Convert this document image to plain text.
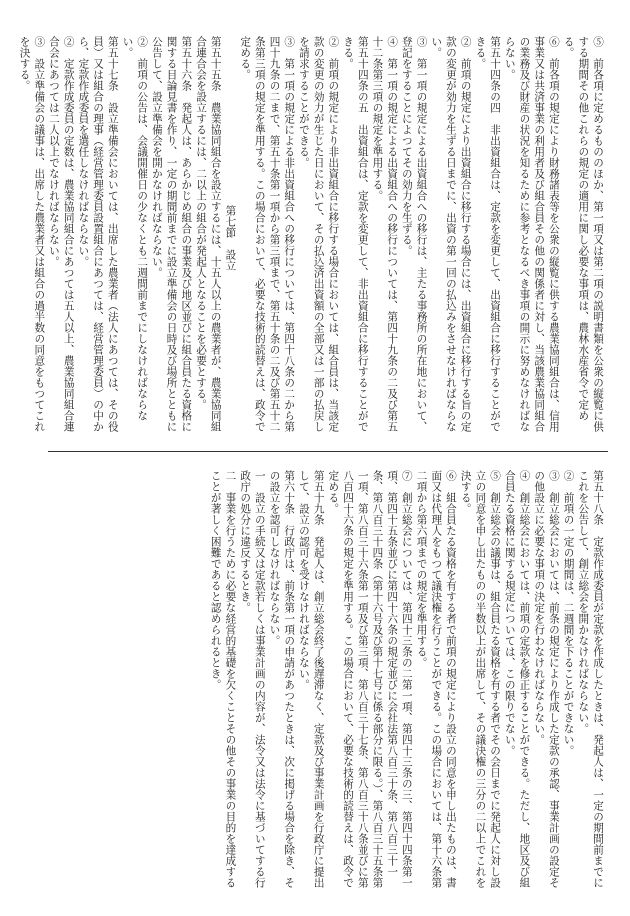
⑤　前各項に定めるもののほか、第一項又は第二項の説明書類を公衆の縦覧に供する期間その他これらの規定の適用に関し必要な事項は、農林水産省令で定める。

⑥　前各項の規定により財務諸表等を公衆の縦覧に供する農業協同組合は、信用事業又は共済事業の利用者及び組合員その他の関係者に対し、当該農業協同組合の業務及び財産の状況を知るために参考となるべき事項の開示に努めなければならない。

第五十四条の四　非出資組合は、定款を変更して、出資組合に移行することができる。

②　前項の規定により出資組合に移行する場合には、出資組合に移行する旨の定款の変更が効力を生ずる日までに、出資の第一回の払込みをさせなければならない。

③　第一項の規定による出資組合への移行は、主たる事務所の所在地において、登記をすることによつてその効力を生ずる。

④　第一項の規定による出資組合への移行については、第四十九条の二及び第五十二条第三項の規定を準用する。

第五十四条の五　出資組合は、定款を変更して、非出資組合に移行することができる。

②　前項の規定により非出資組合に移行する場合においては、組合員は、当該定款の変更の効力が生じた日において、その払込済出資額の全部又は一部の払戻しを請求することができる。

③　第一項の規定による非出資組合への移行については、第四十八条の二から第四十九条の二まで、第五十条第一項から第三項まで、第五十条の二及び第五十二条第三項の規定を準用する。この場合において、必要な技術的読替えは、政令で定める。

第七節　設立

第五十五条　農業協同組合を設立するには、十五人以上の農業者が、農業協同組合連合会を設立するには、二以上の組合が発起人となることを必要とする。

第五十六条　発起人は、あらかじめ組合の事業及び地区並びに組合員たる資格に関する目論見書を作り、一定の期間前までに設立準備会の日時及び場所とともに公告して、設立準備会を開かなければならない。

②　前項の公告は、会議開催日の少なくとも二週間前までにしなければならない。

第五十七条　設立準備会においては、出席した農業者（法人にあつては、その役員）又は組合の理事（経営管理委員設置組合にあつては、経営管理委員）の中から、定款作成委員を選任しなければならない。

②　定款作成委員の定数は、農業協同組合にあつては五人以上、農業協同組合連合会にあつては二人以上でなければならない。

③　設立準備会の議事は、出席した農業者又は組合の過半数の同意をもつてこれを決する。

第五十八条　定款作成委員が定款を作成したときは、発起人は、一定の期間前までにこれを公告して、創立総会を開かなければならない。

②　前項の一定の期間は、二週間を下ることができない。

③　創立総会においては、前条の規定により作成した定款の承認、事業計画の設定その他設立に必要な事項の決定を行わなければならない。

④　創立総会においては、前項の定款を修正することができる。ただし、地区及び組合員たる資格に関する規定については、この限りでない。

⑤　創立総会の議事は、組合員たる資格を有する者でその会日までに発起人に対し設立の同意を申し出たものの半数以上が出席して、その議決権の三分の二以上でこれを決する。

⑥　組合員たる資格を有する者で前項の規定により設立の同意を申し出たものは、書面又は代理人をもつて議決権を行うことができる。この場合においては、第十六条第二項から第六項までの規定を準用する。

⑦　創立総会については、第四十三条の二第一項、第四十三条の三、第四十四条第一項、第四十五条並びに第四十六条の規定並びに会社法第八百三十条、第八百三十一条、第八百三十四条（第十六号及び第十七号に係る部分に限る。）、第八百三十五条第一項、第八百三十六条第一項及び第三項、第八百三十七条、第八百三十八条並びに第八百四十六条の規定を準用する。この場合において、必要な技術的読替えは、政令で定める。

第五十九条　発起人は、創立総会終了後遅滞なく、定款及び事業計画を行政庁に提出して、設立の認可を受けなければならない。

第六十条　行政庁は、前条第一項の申請があつたときは、次に掲げる場合を除き、その設立を認可しなければならない。

一　設立の手続又は定款若しくは事業計画の内容が、法令又は法令に基づいてする行政庁の処分に違反するとき。

二　事業を行うために必要な経営的基礎を欠くことその他その事業の目的を達成することが著しく困難であると認められるとき。
